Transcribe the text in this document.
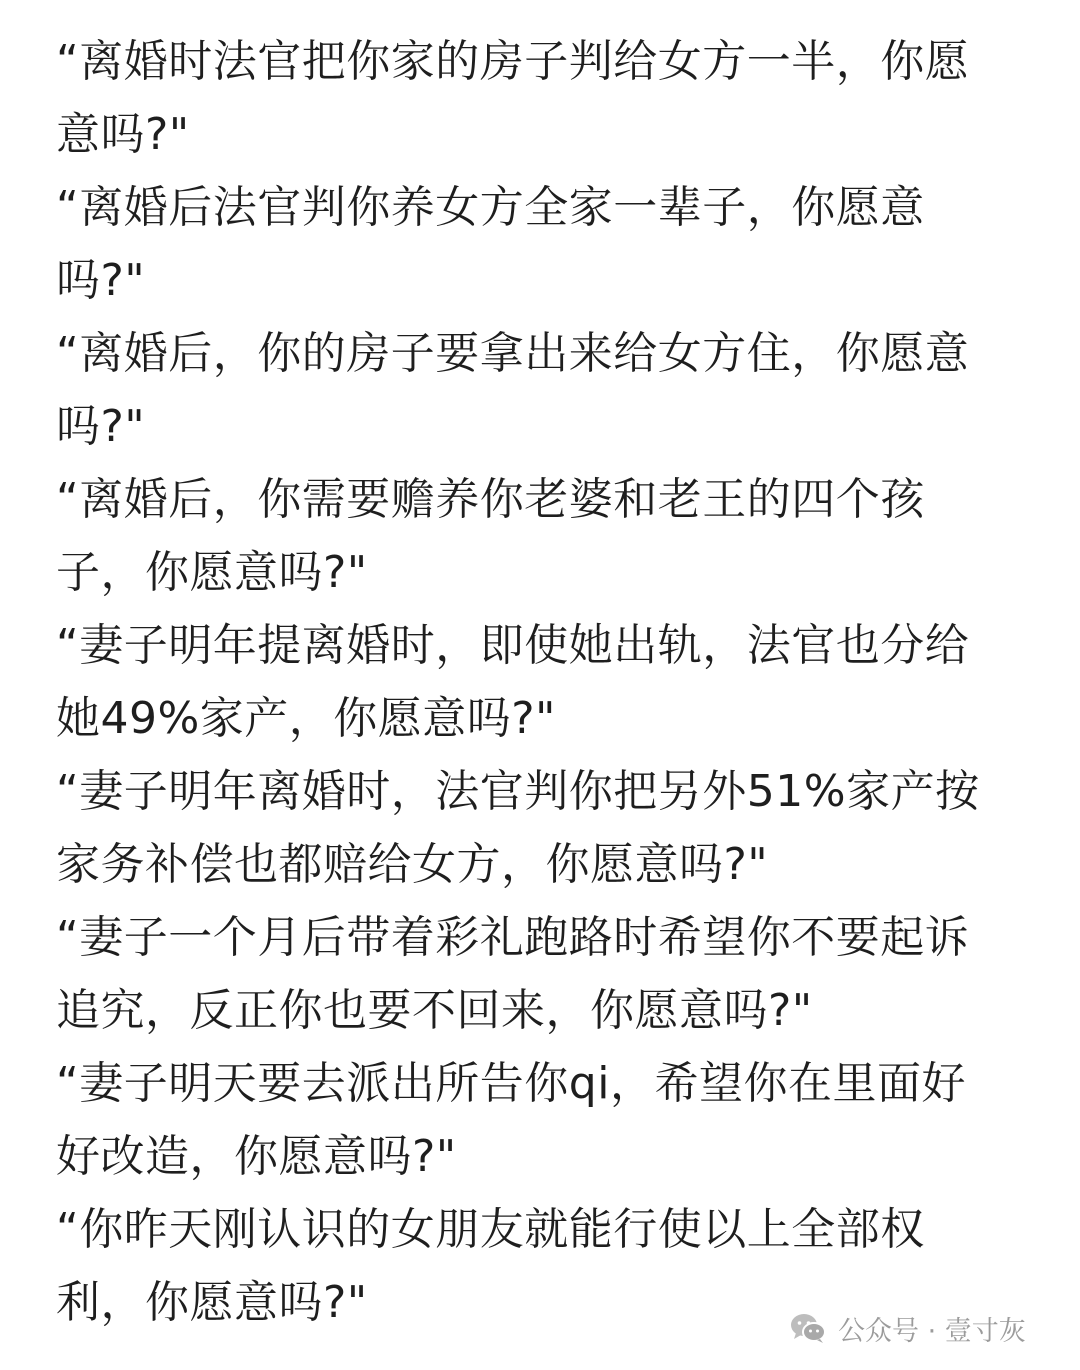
“离婚时法官把你家的房子判给女方一半，你愿
意吗?"
“离婚后法官判你养女方全家一辈子，你愿意
吗?"
“离婚后，你的房子要拿出来给女方住，你愿意
吗?"
“离婚后，你需要赡养你老婆和老王的四个孩
子，你愿意吗?"
“妻子明年提离婚时，即使她出轨，法官也分给
她49%家产，你愿意吗?"
“妻子明年离婚时，法官判你把另外51%家产按
家务补偿也都赔给女方，你愿意吗?"
“妻子一个月后带着彩礼跑路时希望你不要起诉
追究，反正你也要不回来，你愿意吗?"
“妻子明天要去派出所告你qi，希望你在里面好
好改造，你愿意吗?"
“你昨天刚认识的女朋友就能行使以上全部权
利，你愿意吗?"
公众号 · 壹寸灰
